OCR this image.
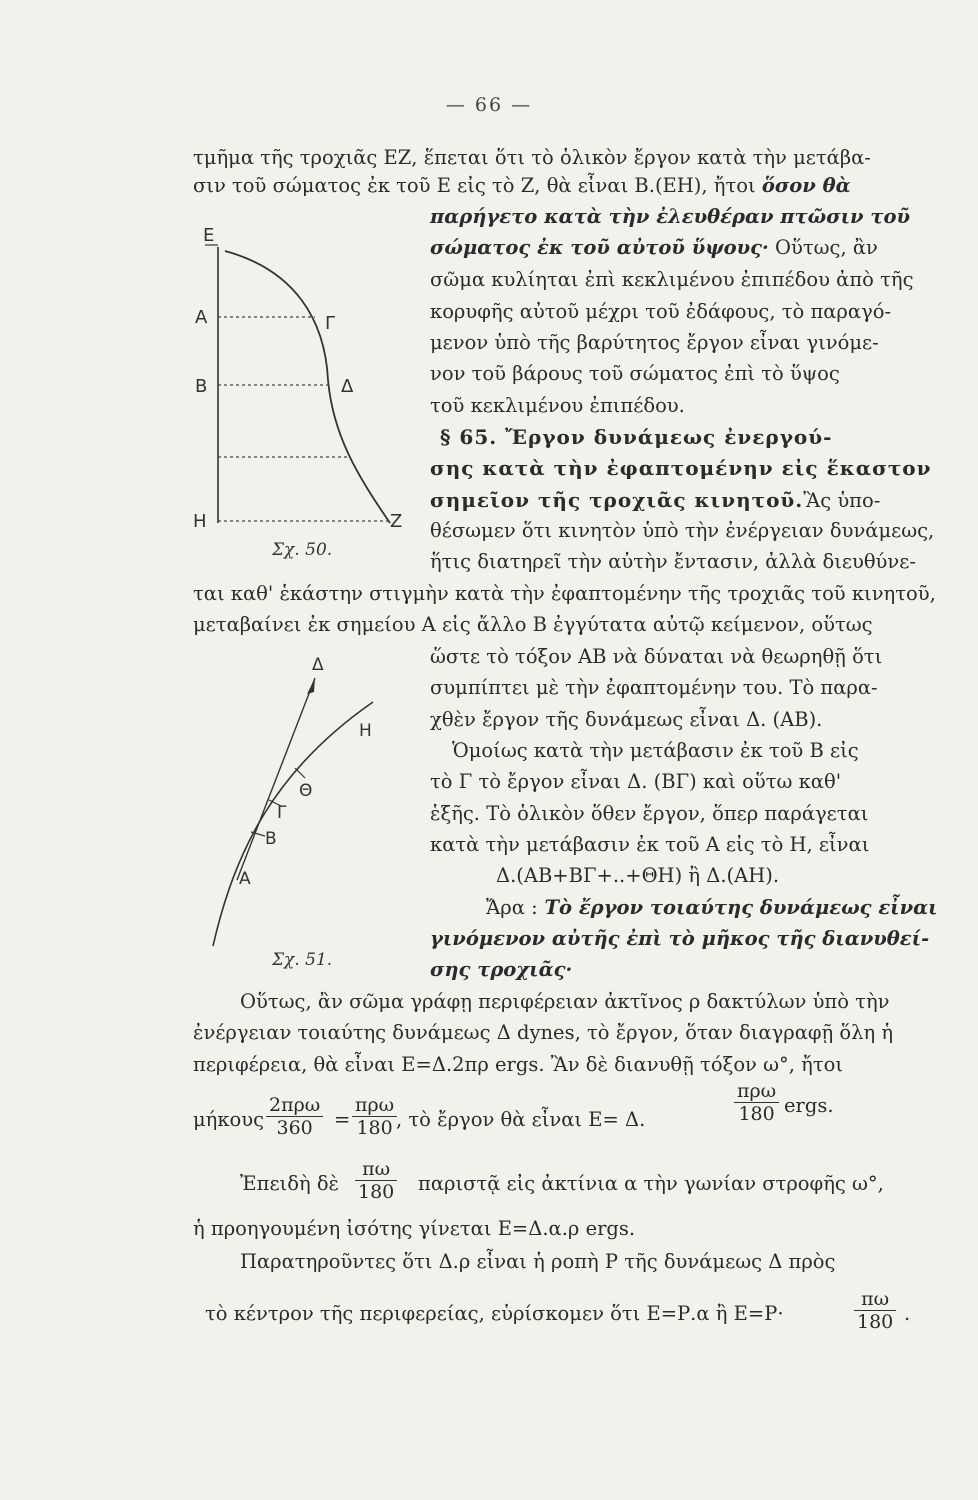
— 66 —
Ε
Α	Γ
Β	Δ
Η	Z
Σχ. 50.
Δ
Η
Θ
Γ
Β
Α
Σχ. 51.
τμῆμα τῆς τροχιᾶς ΕΖ, ἕπεται ὅτι τὸ ὁλικὸν ἔργον κατὰ τὴν μετάβα-
σιν τοῦ σώματος ἐκ τοῦ Ε εἰς τὸ Ζ, θὰ εἶναι Β.(ΕΗ), ἤτοι ὅσον θὰ
παρήγετο κατὰ τὴν ἐλευθέραν πτῶσιν τοῦ
σώματος ἐκ τοῦ αὐτοῦ ὕψους· Οὕτως, ἂν
σῶμα κυλίηται ἐπὶ κεκλιμένου ἐπιπέδου ἀπὸ τῆς
κορυφῆς αὐτοῦ μέχρι τοῦ ἐδάφους, τὸ παραγό-
μενον ὑπὸ τῆς βαρύτητος ἔργον εἶναι γινόμε-
νον τοῦ βάρους τοῦ σώματος ἐπὶ τὸ ὕψος
τοῦ κεκλιμένου ἐπιπέδου.
§ 65. Ἔργον δυνάμεως ἐνεργού-
σης κατὰ τὴν ἐφαπτομένην εἰς ἕκαστον
σημεῖον τῆς τροχιᾶς κινητοῦ.Ἂς ὑπο-
θέσωμεν ὅτι κινητὸν ὑπὸ τὴν ἐνέργειαν δυνάμεως,
ἥτις διατηρεῖ τὴν αὐτὴν ἔντασιν, ἀλλὰ διευθύνε-
ται καθ' ἑκάστην στιγμὴν κατὰ τὴν ἐφαπτομένην τῆς τροχιᾶς τοῦ κινητοῦ,
μεταβαίνει ἐκ σημείου Α εἰς ἄλλο Β ἐγγύτατα αὐτῷ κείμενον, οὕτως
ὥστε τὸ τόξον ΑΒ νὰ δύναται νὰ θεωρηθῇ ὅτι
συμπίπτει μὲ τὴν ἐφαπτομένην του. Τὸ παρα-
χθὲν ἔργον τῆς δυνάμεως εἶναι Δ. (ΑΒ).
Ὁμοίως κατὰ τὴν μετάβασιν ἐκ τοῦ Β εἰς
τὸ Γ τὸ ἔργον εἶναι Δ. (ΒΓ) καὶ οὕτω καθ'
ἑξῆς. Τὸ ὁλικὸν ὅθεν ἔργον, ὅπερ παράγεται
κατὰ τὴν μετάβασιν ἐκ τοῦ Α εἰς τὸ Η, εἶναι
Δ.(ΑΒ+ΒΓ+..+ΘΗ) ἢ Δ.(ΑΗ).
Ἄρα : Τὸ ἔργον τοιαύτης δυνάμεως εἶναι
γινόμενον αὐτῆς ἐπὶ τὸ μῆκος τῆς διανυθεί-
σης τροχιᾶς·
Οὕτως, ἂν σῶμα γράφῃ περιφέρειαν ἀκτῖνος ρ δακτύλων ὑπὸ τὴν
ἐνέργειαν τοιαύτης δυνάμεως Δ dynes, τὸ ἔργον, ὅταν διαγραφῇ ὅλη ἡ
περιφέρεια, θὰ εἶναι Ε=Δ.2πρ ergs. Ἂν δὲ διανυθῇ τόξον ω°, ἤτοι
μήκους
2πρω
360	=
πρω
180 , τὸ ἔργον θὰ εἶναι Ε= Δ.
πρω
180 ergs.
Ἐπειδὴ δὲ $\frac{\pi\omega}{180}$ παριστᾷ εἰς ἀκτίνια α τὴν γωνίαν στροφῆς ω°,
ἡ προηγουμένη ἰσότης γίνεται Ε=Δ.α.ρ ergs.
Παρατηροῦντες ὅτι Δ.ρ εἶναι ἡ ροπὴ Ρ τῆς δυνάμεως Δ πρὸς
τὸ κέντρον τῆς περιφερείας, εὑρίσκομεν ὅτι Ε=Ρ.α ἢ Ε=Ρ·	$\frac{\pi\omega}{180}$ .
